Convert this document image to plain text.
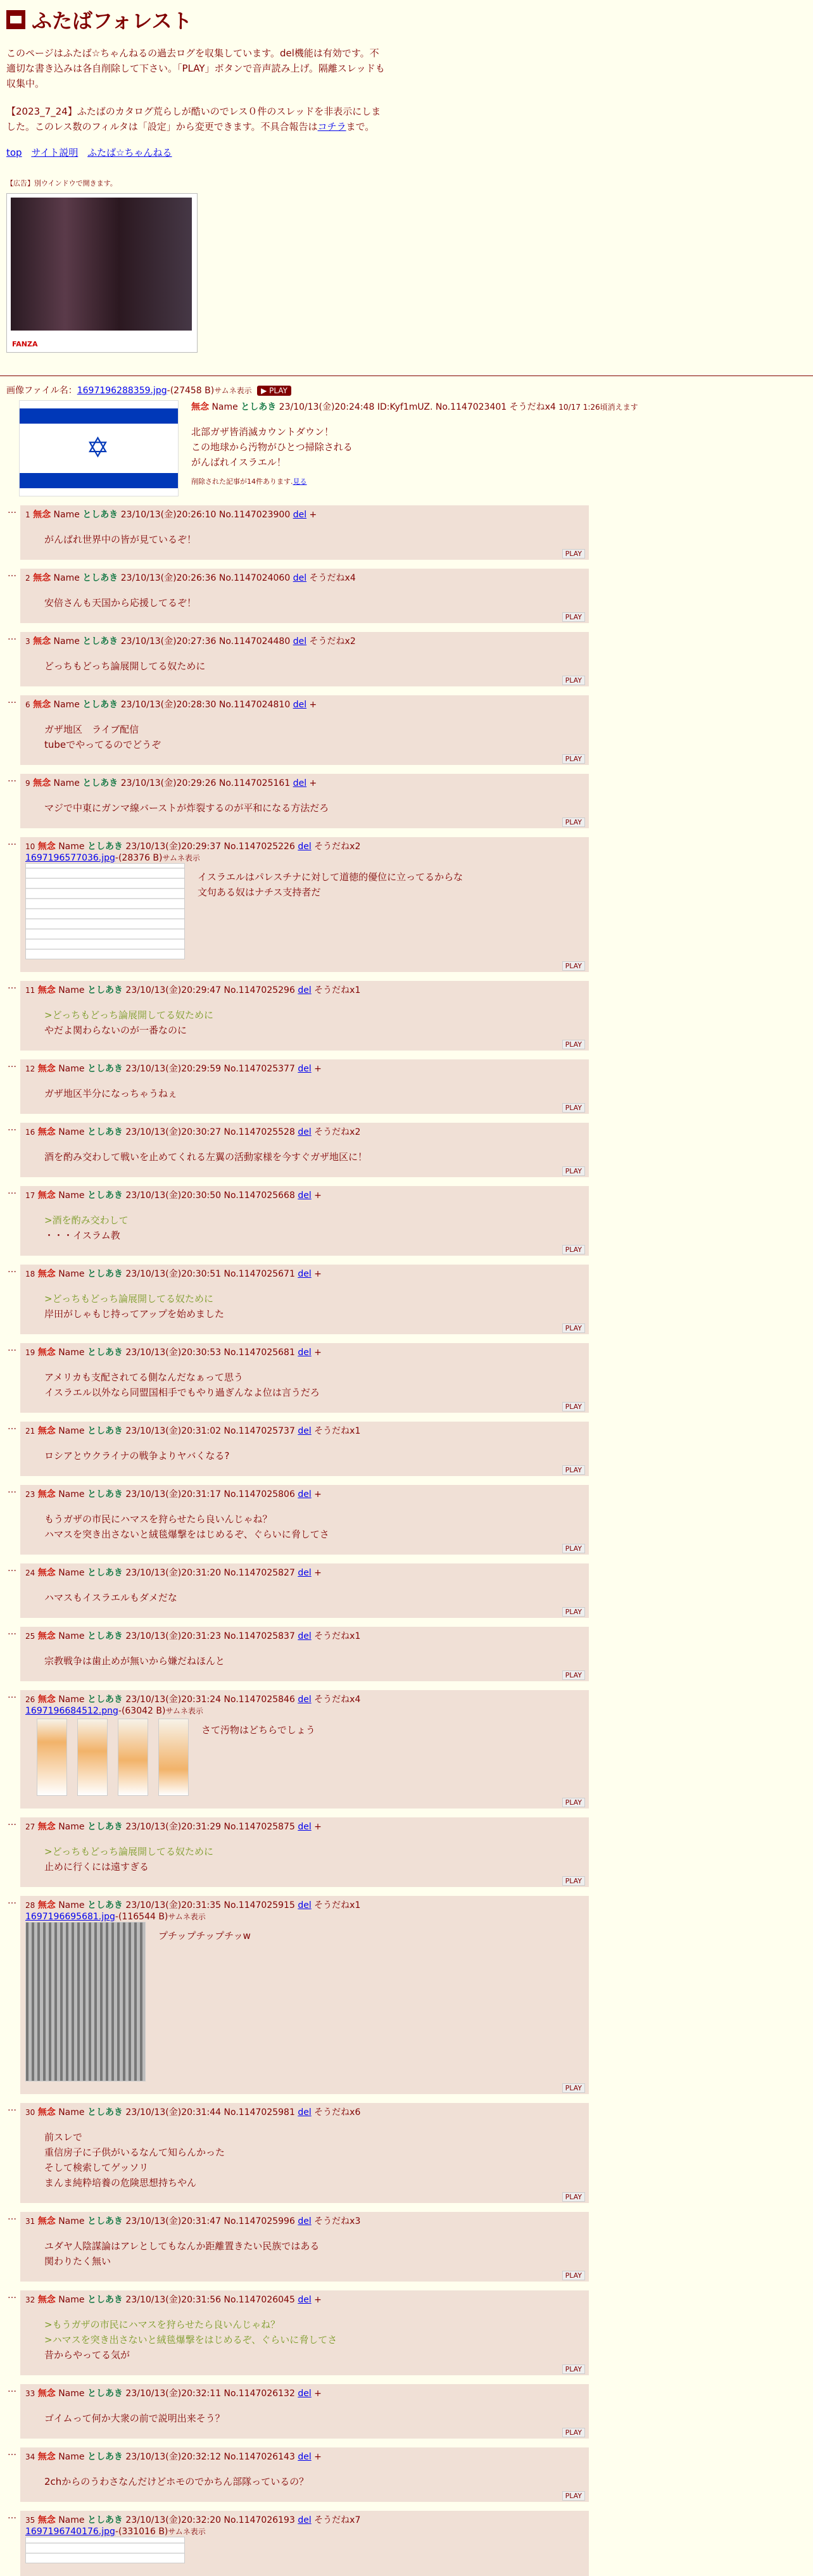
ふたばフォレスト
このページはふたば☆ちゃんねるの過去ログを収集しています。del機能は有効です。不適切な書き込みは各自削除して下さい。「PLAY」ボタンで音声読み上げ。隔離スレッドも収集中。
【2023_7_24】ふたばのカタログ荒らしが酷いのでレス０件のスレッドを非表示にしました。このレス数のフィルタは「設定」から変更できます。不具合報告はコチラまで。
top サイト説明 ふたば☆ちゃんねる
【広告】別ウインドウで開きます。
FANZA
画像ファイル名：1697196288359.jpg-(27458 B)サムネ表示 ▶ PLAY
✡
無念 Name としあき 23/10/13(金)20:24:48 ID:Kyf1mUZ. No.1147023401 そうだねx4 10/17 1:26頃消えます
北部ガザ皆消滅カウントダウン！
この地球から汚物がひとつ掃除される
がんばれイスラエル！
削除された記事が14件あります.見る
… 1 無念 Name としあき 23/10/13(金)20:26:10 No.1147023900 del +
がんばれ世界中の皆が見ているぞ！
PLAY
… 2 無念 Name としあき 23/10/13(金)20:26:36 No.1147024060 del そうだねx4
安倍さんも天国から応援してるぞ！
PLAY
… 3 無念 Name としあき 23/10/13(金)20:27:36 No.1147024480 del そうだねx2
どっちもどっち論展開してる奴ために
PLAY
… 6 無念 Name としあき 23/10/13(金)20:28:30 No.1147024810 del +
ガザ地区　ライブ配信
tubeでやってるのでどうぞ
PLAY
… 9 無念 Name としあき 23/10/13(金)20:29:26 No.1147025161 del +
マジで中東にガンマ線バーストが炸裂するのが平和になる方法だろ
PLAY
… 10 無念 Name としあき 23/10/13(金)20:29:37 No.1147025226 del そうだねx2
1697196577036.jpg-(28376 B)サムネ表示
イスラエルはパレスチナに対して道徳的優位に立ってるからな
文句ある奴はナチス支持者だ
PLAY
… 11 無念 Name としあき 23/10/13(金)20:29:47 No.1147025296 del そうだねx1
>どっちもどっち論展開してる奴ために
やだよ関わらないのが一番なのに
PLAY
… 12 無念 Name としあき 23/10/13(金)20:29:59 No.1147025377 del +
ガザ地区半分になっちゃうねぇ
PLAY
… 16 無念 Name としあき 23/10/13(金)20:30:27 No.1147025528 del そうだねx2
酒を酌み交わして戦いを止めてくれる左翼の活動家様を今すぐガザ地区に！
PLAY
… 17 無念 Name としあき 23/10/13(金)20:30:50 No.1147025668 del +
>酒を酌み交わして
・・・イスラム教
PLAY
… 18 無念 Name としあき 23/10/13(金)20:30:51 No.1147025671 del +
>どっちもどっち論展開してる奴ために
岸田がしゃもじ持ってアップを始めました
PLAY
… 19 無念 Name としあき 23/10/13(金)20:30:53 No.1147025681 del +
アメリカも支配されてる側なんだなぁって思う
イスラエル以外なら同盟国相手でもやり過ぎんなよ位は言うだろ
PLAY
… 21 無念 Name としあき 23/10/13(金)20:31:02 No.1147025737 del そうだねx1
ロシアとウクライナの戦争よりヤバくなる?
PLAY
… 23 無念 Name としあき 23/10/13(金)20:31:17 No.1147025806 del +
もうガザの市民にハマスを狩らせたら良いんじゃね？
ハマスを突き出さないと絨毯爆撃をはじめるぞ、ぐらいに脅してさ
PLAY
… 24 無念 Name としあき 23/10/13(金)20:31:20 No.1147025827 del +
ハマスもイスラエルもダメだな
PLAY
… 25 無念 Name としあき 23/10/13(金)20:31:23 No.1147025837 del そうだねx1
宗教戦争は歯止めが無いから嫌だねほんと
PLAY
… 26 無念 Name としあき 23/10/13(金)20:31:24 No.1147025846 del そうだねx4
1697196684512.png-(63042 B)サムネ表示
さて汚物はどちらでしょう
PLAY
… 27 無念 Name としあき 23/10/13(金)20:31:29 No.1147025875 del +
>どっちもどっち論展開してる奴ために
止めに行くには遠すぎる
PLAY
… 28 無念 Name としあき 23/10/13(金)20:31:35 No.1147025915 del そうだねx1
1697196695681.jpg-(116544 B)サムネ表示
プチップチップチッw
PLAY
… 30 無念 Name としあき 23/10/13(金)20:31:44 No.1147025981 del そうだねx6
前スレで
重信房子に子供がいるなんて知らんかった
そして検索してゲッソリ
まんま純粋培養の危険思想持ちやん
PLAY
… 31 無念 Name としあき 23/10/13(金)20:31:47 No.1147025996 del そうだねx3
ユダヤ人陰謀論はアレとしてもなんか距離置きたい民族ではある
関わりたく無い
PLAY
… 32 無念 Name としあき 23/10/13(金)20:31:56 No.1147026045 del +
>もうガザの市民にハマスを狩らせたら良いんじゃね？
>ハマスを突き出さないと絨毯爆撃をはじめるぞ、ぐらいに脅してさ
昔からやってる気が
PLAY
… 33 無念 Name としあき 23/10/13(金)20:32:11 No.1147026132 del +
ゴイムって何か大衆の前で説明出来そう？
PLAY
… 34 無念 Name としあき 23/10/13(金)20:32:12 No.1147026143 del +
2chからのうわさなんだけどホモのでかちん部隊っているの？
PLAY
… 35 無念 Name としあき 23/10/13(金)20:32:20 No.1147026193 del そうだねx7
1697196740176.jpg-(331016 B)サムネ表示
